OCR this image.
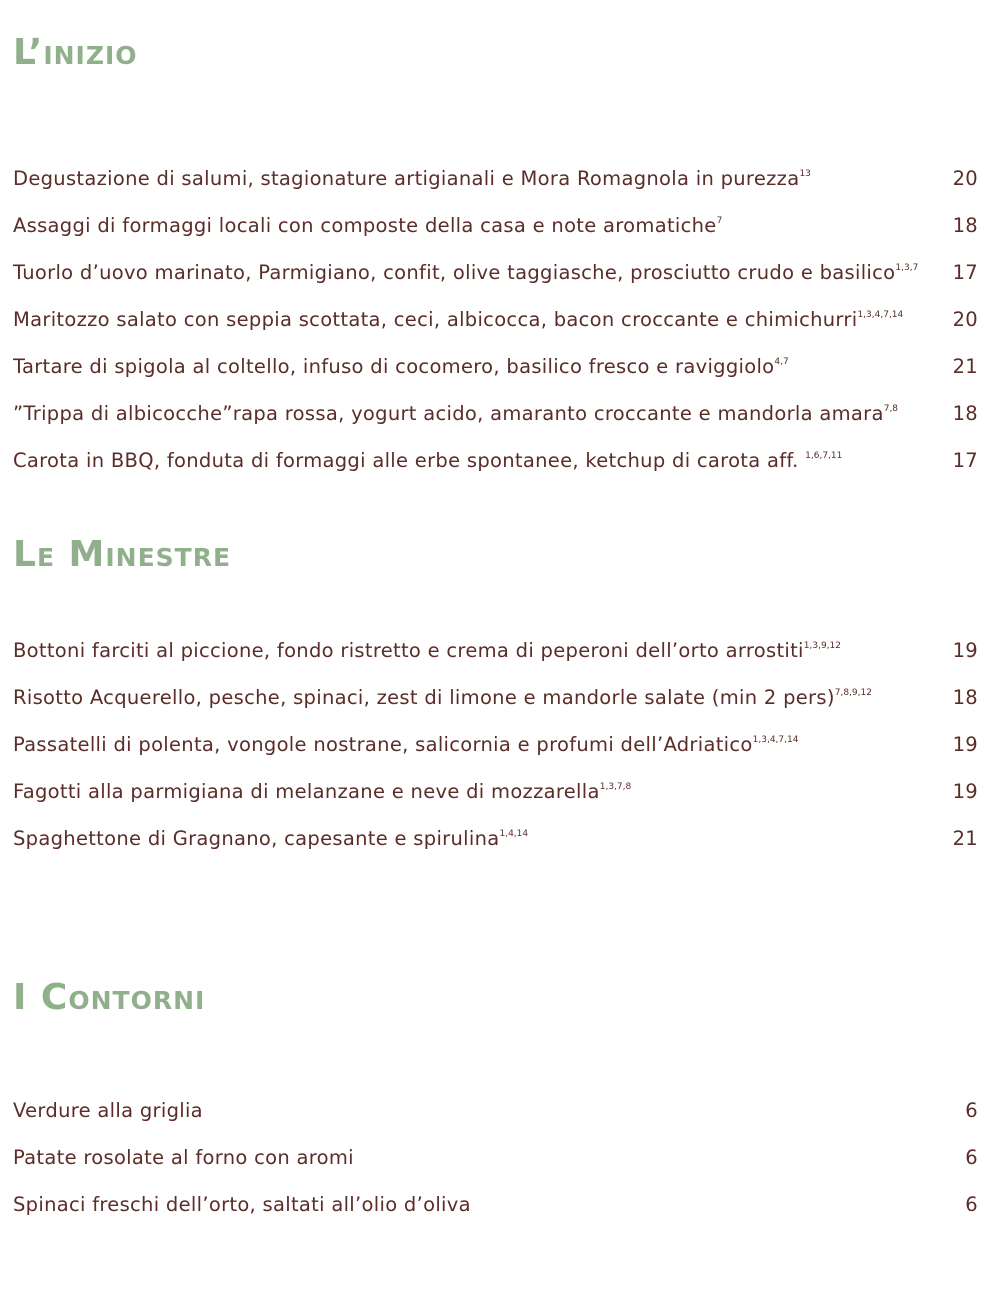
L’inizio
Degustazione di salumi, stagionature artigianali e Mora Romagnola in purezza$^{13}$	20
Assaggi di formaggi locali con composte della casa e note aromatiche$^7$	18
Tuorlo d’uovo marinato, Parmigiano, confit, olive taggiasche, prosciutto crudo e basilico$^{1,3,7}$ 17
Maritozzo salato con seppia scottata, ceci, albicocca, bacon croccante e chimichurri$^{1,3,4,7,14}$	20
Tartare di spigola al coltello, infuso di cocomero, basilico fresco e raviggiolo$^{4,7}$	21
”Trippa di albicocche”rapa rossa, yogurt acido, amaranto croccante e mandorla amara$^{7,8}$	18
Carota in BBQ, fonduta di formaggi alle erbe spontanee, ketchup di carota aff. $^{1,6,7,11}$	17
Le Minestre
Bottoni farciti al piccione, fondo ristretto e crema di peperoni dell’orto arrostiti$^{1,3,9,12}$	19
Risotto Acquerello, pesche, spinaci, zest di limone e mandorle salate (min 2 pers)$^{7,8,9,12}$	18
Passatelli di polenta, vongole nostrane, salicornia e profumi dell’Adriatico$^{1,3,4,7,14}$	19
Fagotti alla parmigiana di melanzane e neve di mozzarella$^{1,3,7,8}$	19
Spaghettone di Gragnano, capesante e spirulina$^{1,4,14}$	21
I Contorni
Verdure alla griglia	6
Patate rosolate al forno con aromi	6
Spinaci freschi dell’orto, saltati all’olio d’oliva	6
